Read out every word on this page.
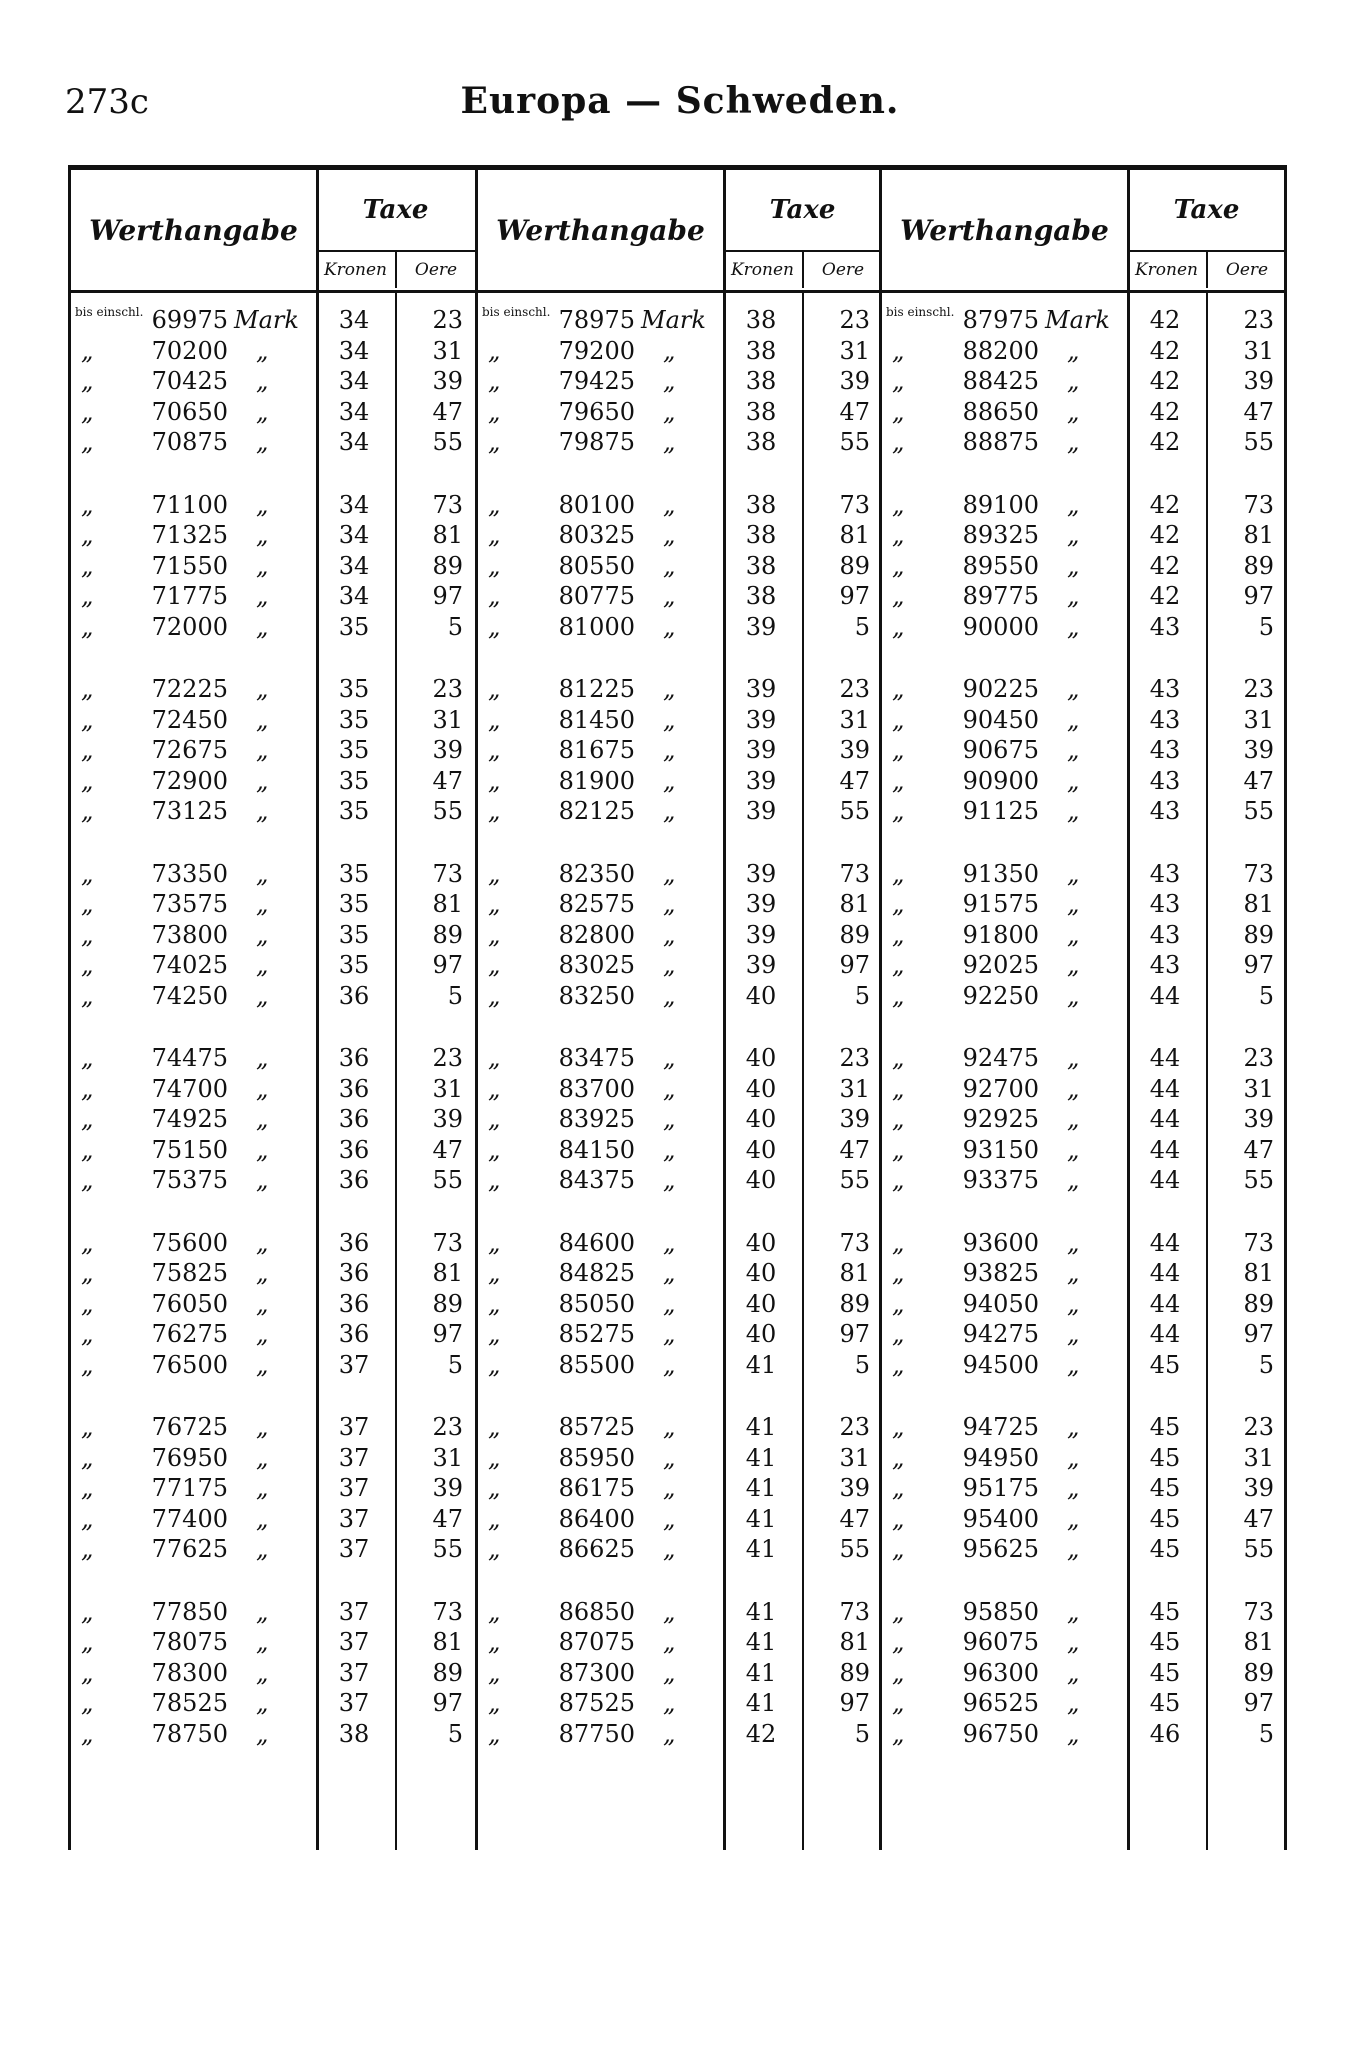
273c	Europa — Schweden.
Werthangabe
Taxe
Kronen	Oere
bis einschl. 69975 Mark	34	23
„	70200	„	34	31
„	70425	„	34	39
„	70650	„	34	47
„	70875	„	34	55
„	71100	„	34	73
„	71325	„	34	81
„	71550	„	34	89
„	71775	„	34	97
„	72000	„	35	5
„	72225	„	35	23
„	72450	„	35	31
„	72675	„	35	39
„	72900	„	35	47
„	73125	„	35	55
„	73350	„	35	73
„	73575	„	35	81
„	73800	„	35	89
„	74025	„	35	97
„	74250	„	36	5
„	74475	„	36	23
„	74700	„	36	31
„	74925	„	36	39
„	75150	„	36	47
„	75375	„	36	55
„	75600	„	36	73
„	75825	„	36	81
„	76050	„	36	89
„	76275	„	36	97
„	76500	„	37	5
„	76725	„	37	23
„	76950	„	37	31
„	77175	„	37	39
„	77400	„	37	47
„	77625	„	37	55
„	77850	„	37	73
„	78075	„	37	81
„	78300	„	37	89
„	78525	„	37	97
„	78750	„	38	5
Werthangabe
Taxe
Kronen	Oere
bis einschl. 78975 Mark	38	23
„	79200	„	38	31
„	79425	„	38	39
„	79650	„	38	47
„	79875	„	38	55
„	80100	„	38	73
„	80325	„	38	81
„	80550	„	38	89
„	80775	„	38	97
„	81000	„	39	5
„	81225	„	39	23
„	81450	„	39	31
„	81675	„	39	39
„	81900	„	39	47
„	82125	„	39	55
„	82350	„	39	73
„	82575	„	39	81
„	82800	„	39	89
„	83025	„	39	97
„	83250	„	40	5
„	83475	„	40	23
„	83700	„	40	31
„	83925	„	40	39
„	84150	„	40	47
„	84375	„	40	55
„	84600	„	40	73
„	84825	„	40	81
„	85050	„	40	89
„	85275	„	40	97
„	85500	„	41	5
„	85725	„	41	23
„	85950	„	41	31
„	86175	„	41	39
„	86400	„	41	47
„	86625	„	41	55
„	86850	„	41	73
„	87075	„	41	81
„	87300	„	41	89
„	87525	„	41	97
„	87750	„	42	5
Werthangabe
Taxe
Kronen	Oere
bis einschl. 87975 Mark	42	23
„	88200	„	42	31
„	88425	„	42	39
„	88650	„	42	47
„	88875	„	42	55
„	89100	„	42	73
„	89325	„	42	81
„	89550	„	42	89
„	89775	„	42	97
„	90000	„	43	5
„	90225	„	43	23
„	90450	„	43	31
„	90675	„	43	39
„	90900	„	43	47
„	91125	„	43	55
„	91350	„	43	73
„	91575	„	43	81
„	91800	„	43	89
„	92025	„	43	97
„	92250	„	44	5
„	92475	„	44	23
„	92700	„	44	31
„	92925	„	44	39
„	93150	„	44	47
„	93375	„	44	55
„	93600	„	44	73
„	93825	„	44	81
„	94050	„	44	89
„	94275	„	44	97
„	94500	„	45	5
„	94725	„	45	23
„	94950	„	45	31
„	95175	„	45	39
„	95400	„	45	47
„	95625	„	45	55
„	95850	„	45	73
„	96075	„	45	81
„	96300	„	45	89
„	96525	„	45	97
„	96750	„	46	5
